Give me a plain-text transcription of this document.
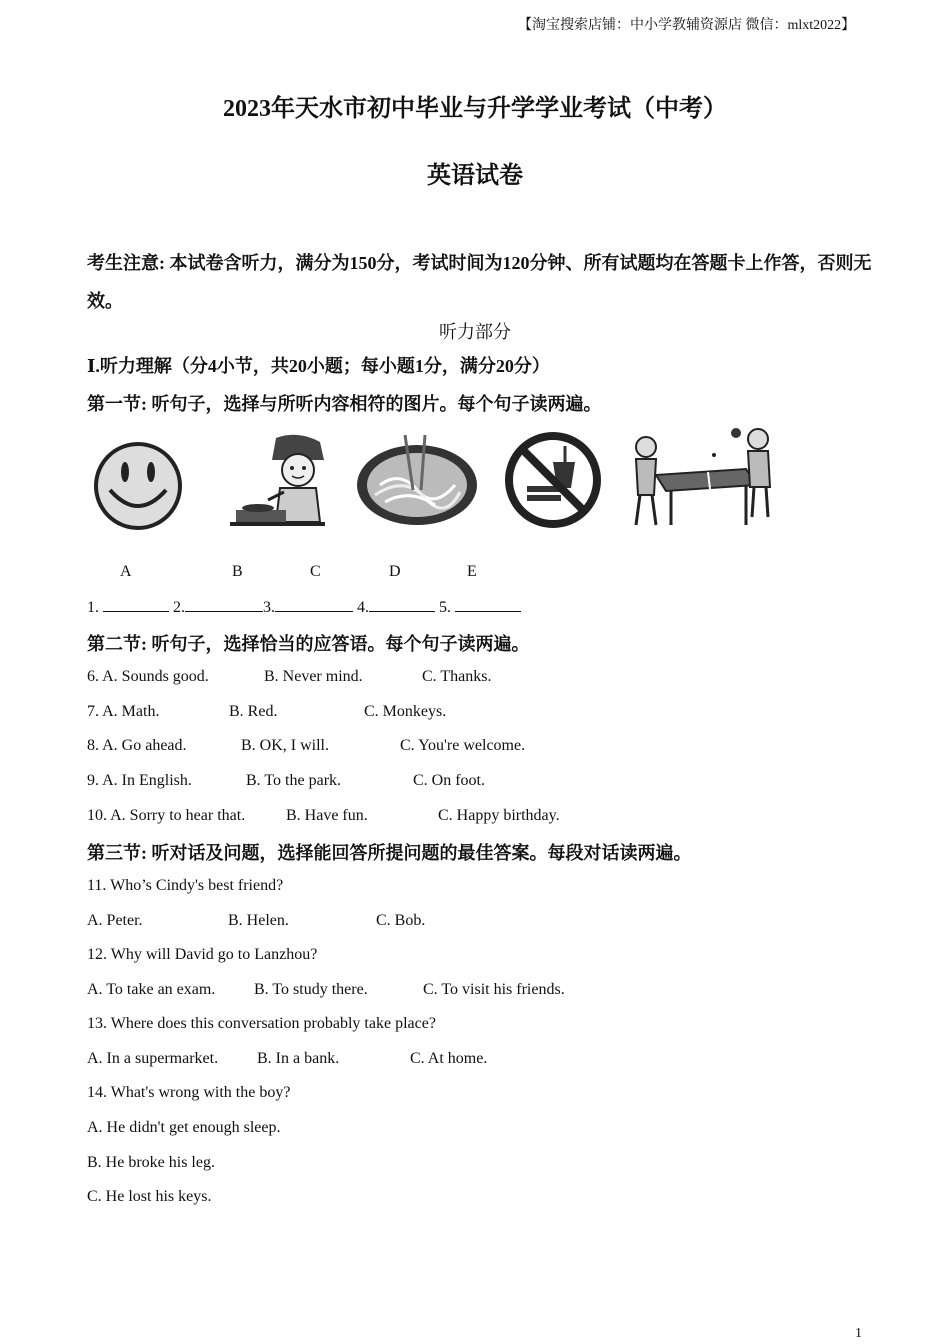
【淘宝搜索店铺：中小学教辅资源店 微信：mlxt2022】
2023年天水市初中毕业与升学学业考试（中考）
英语试卷
考生注意: 本试卷含听力，满分为150分，考试时间为120分钟、所有试题均在答题卡上作答，否则无效。
听力部分
Ⅰ.听力理解（分4小节，共20小题；每小题1分，满分20分）
第一节: 听句子，选择与所听内容相符的图片。每个句子读两遍。
A	B	C	D	E
1.	2.	3.	4.	5.
第二节: 听句子，选择恰当的应答语。每个句子读两遍。
6. A. Sounds good.	B. Never mind.	C. Thanks.
7. A. Math.	B. Red.	C. Monkeys.
8. A. Go ahead.	B. OK, I will.	C. You're welcome.
9. A. In English.	B. To the park.	C. On foot.
10. A. Sorry to hear that.	B. Have fun.	C. Happy birthday.
第三节: 听对话及问题，选择能回答所提问题的最佳答案。每段对话读两遍。
11. Who’s Cindy's best friend?
A. Peter.	B. Helen.	C. Bob.
12. Why will David go to Lanzhou?
A. To take an exam. B. To study there.	C. To visit his friends.
13. Where does this conversation probably take place?
A. In a supermarket. B. In a bank.	C. At home.
14. What's wrong with the boy?
A. He didn't get enough sleep.
B. He broke his leg.
C. He lost his keys.
1
